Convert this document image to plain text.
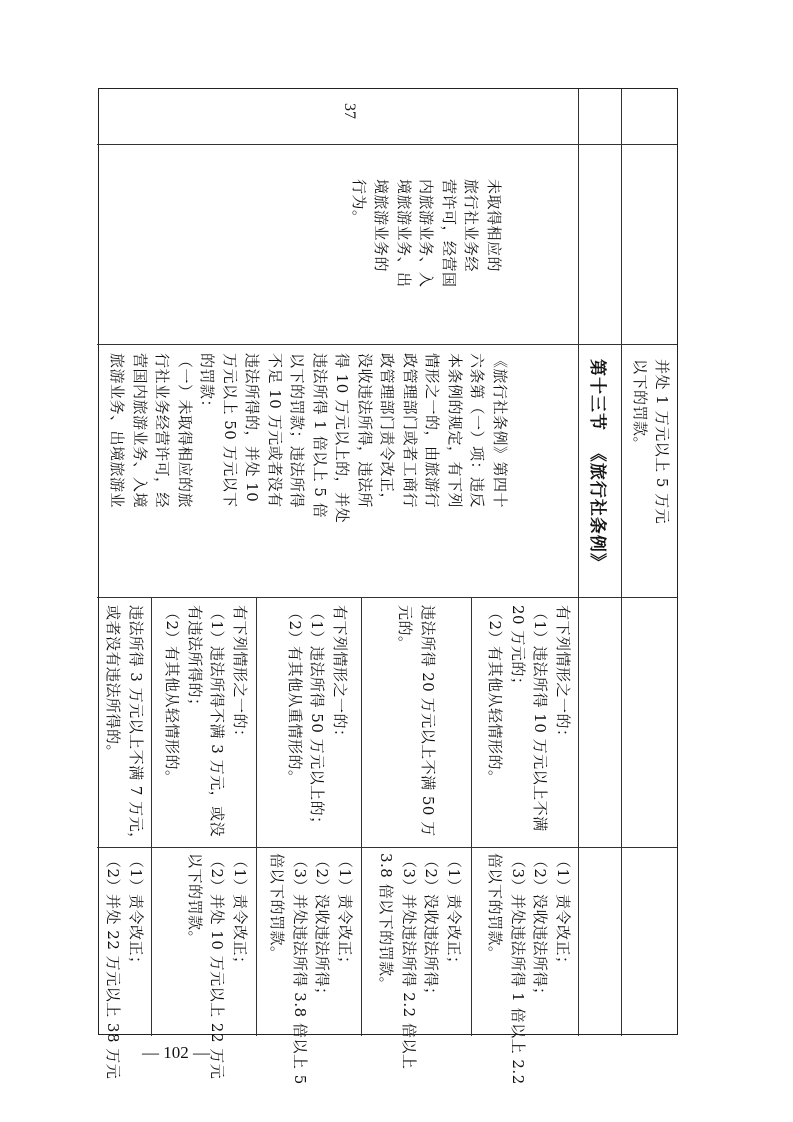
— 102 —
并处 1 万元以上 5 万元
以下的罚款。
第十三节  《旅行社条例》
37
未取得相应的
旅行社业务经
营许可，经营国
内旅游业务、入
境旅游业务、出
境旅游业务的
行为。
《旅行社条例》第四十
六条第（一）项：违反
本条例的规定，有下列
情形之一的，由旅游行
政管理部门或者工商行
政管理部门责令改正，
没收违法所得，违法所
得 10 万元以上的，并处
违法所得 1 倍以上 5 倍
以下的罚款；违法所得
不足 10 万元或者没有
违法所得的，并处 10
万元以上 50 万元以下
的罚款：
（一）未取得相应的旅
行社业务经营许可，经
营国内旅游业务、入境
旅游业务、出境旅游业
有下列情形之一的：
（1）违法所得 10 万元以上不满
20 万元的；
（2）有其他从轻情形的。
（1）责令改正；
（2）没收违法所得；
（3）并处违法所得 1 倍以上 2.2
倍以下的罚款。
违法所得 20 万元以上不满 50 万
元的。
（1）责令改正；
（2）没收违法所得；
（3）并处违法所得 2.2 倍以上
3.8 倍以下的罚款。
有下列情形之一的：
（1）违法所得 50 万元以上的；
（2）有其他从重情形的。
（1）责令改正；
（2）没收违法所得；
（3）并处违法所得 3.8 倍以上 5
倍以下的罚款。
有下列情形之一的：
（1）违法所得不满 3 万元，或没
有违法所得的；
（2）有其他从轻情形的。
（1）责令改正；
（2）并处 10 万元以上 22 万元
以下的罚款。
违法所得 3 万元以上不满 7 万元，
或者没有违法所得的。
（1）责令改正；
（2）并处 22 万元以上 38 万元
